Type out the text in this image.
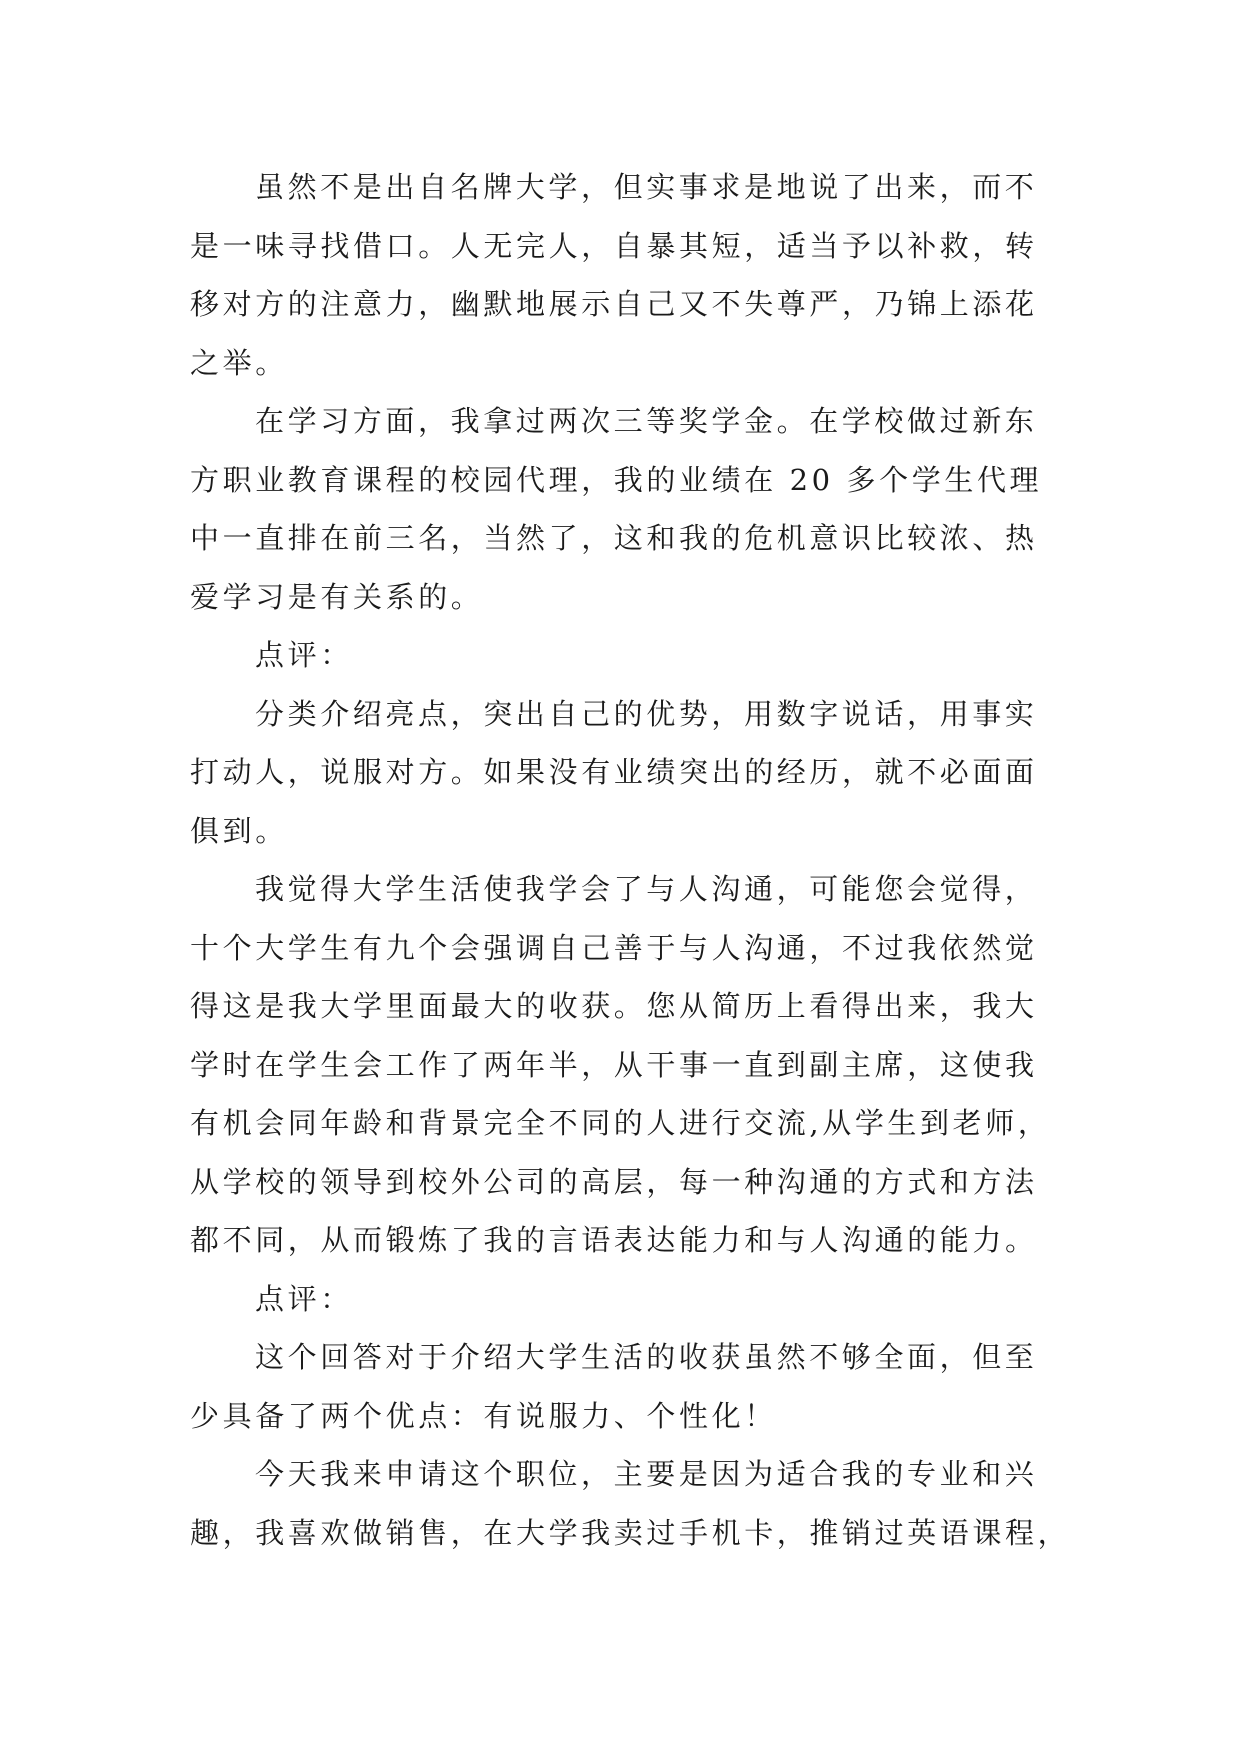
虽然不是出自名牌大学，但实事求是地说了出来，而不
是一味寻找借口。人无完人，自暴其短，适当予以补救，转
移对方的注意力，幽默地展示自己又不失尊严，乃锦上添花
之举。
在学习方面，我拿过两次三等奖学金。在学校做过新东
方职业教育课程的校园代理，我的业绩在 20 多个学生代理
中一直排在前三名，当然了，这和我的危机意识比较浓、热
爱学习是有关系的。
点评：
分类介绍亮点，突出自己的优势，用数字说话，用事实
打动人，说服对方。如果没有业绩突出的经历，就不必面面
俱到。
我觉得大学生活使我学会了与人沟通，可能您会觉得，
十个大学生有九个会强调自己善于与人沟通，不过我依然觉
得这是我大学里面最大的收获。您从简历上看得出来，我大
学时在学生会工作了两年半，从干事一直到副主席，这使我
有机会同年龄和背景完全不同的人进行交流,从学生到老师，
从学校的领导到校外公司的高层，每一种沟通的方式和方法
都不同，从而锻炼了我的言语表达能力和与人沟通的能力。
点评：
这个回答对于介绍大学生活的收获虽然不够全面，但至
少具备了两个优点：有说服力、个性化！
今天我来申请这个职位，主要是因为适合我的专业和兴
趣，我喜欢做销售，在大学我卖过手机卡，推销过英语课程，
